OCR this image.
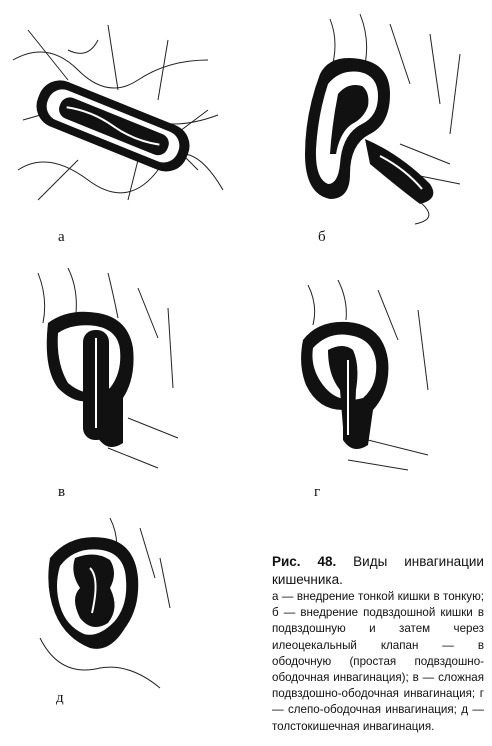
а	б
в	г
д
Рис. 48. Виды инвагинации кишечника.
а — внедрение тонкой кишки в тонкую; б — внедрение подвздошной кишки в подвздошную и затем через илеоцекальный клапан — в ободочную (простая подвздошно-ободочная инвагинация); в — сложная подвздошно-ободочная инвагинация; г — слепо-ободочная инвагинация; д — толстокишечная инвагинация.
